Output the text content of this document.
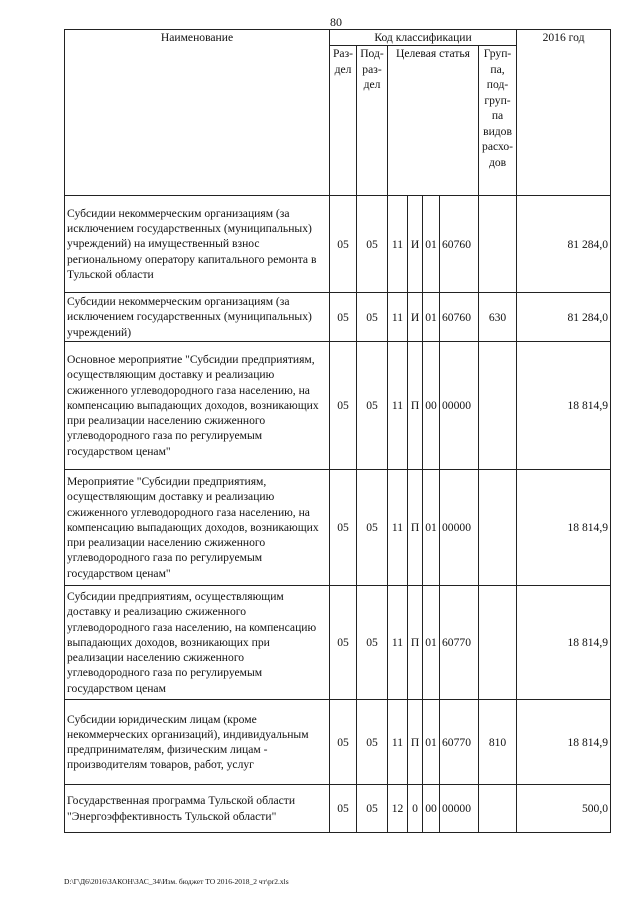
80
Наименование	Код классификации							2016 год
	Раз- дел	Под- раз- дел	Целевая статья				Груп- па, под- груп- па видов расхо- дов	
Субсидии некоммерческим организациям (за исключением государственных (муниципальных) учреждений) на имущественный взнос региональному оператору капитального ремонта в Тульской области	05	05	11	И	01	60760		81 284,0
Субсидии некоммерческим организациям (за исключением государственных (муниципальных) учреждений)	05	05	11	И	01	60760	630	81 284,0
Основное мероприятие "Субсидии предприятиям, осуществляющим доставку и реализацию сжиженного углеводородного газа населению, на компенсацию выпадающих доходов, возникающих при реализации населению сжиженного углеводородного газа по регулируемым государством ценам"	05	05	11	П	00	00000		18 814,9
Мероприятие "Субсидии предприятиям, осуществляющим доставку и реализацию сжиженного углеводородного газа населению, на компенсацию выпадающих доходов, возникающих при реализации населению сжиженного углеводородного газа по регулируемым государством ценам"	05	05	11	П	01	00000		18 814,9
Субсидии предприятиям, осуществляющим доставку и реализацию сжиженного углеводородного газа населению, на компенсацию выпадающих доходов, возникающих при реализации населению сжиженного углеводородного газа по регулируемым государством ценам	05	05	11	П	01	60770		18 814,9
Субсидии юридическим лицам (кроме некоммерческих организаций), индивидуальным предпринимателям, физическим лицам - производителям товаров, работ, услуг	05	05	11	П	01	60770	810	18 814,9
Государственная программа Тульской области "Энергоэффективность Тульской области"	05	05	12	0	00	00000		500,0
D:\Г\Д6\2016\ЗАКОН\ЗАС_34\Изм. бюджет ТО 2016-2018_2 чт\pr2.xls
